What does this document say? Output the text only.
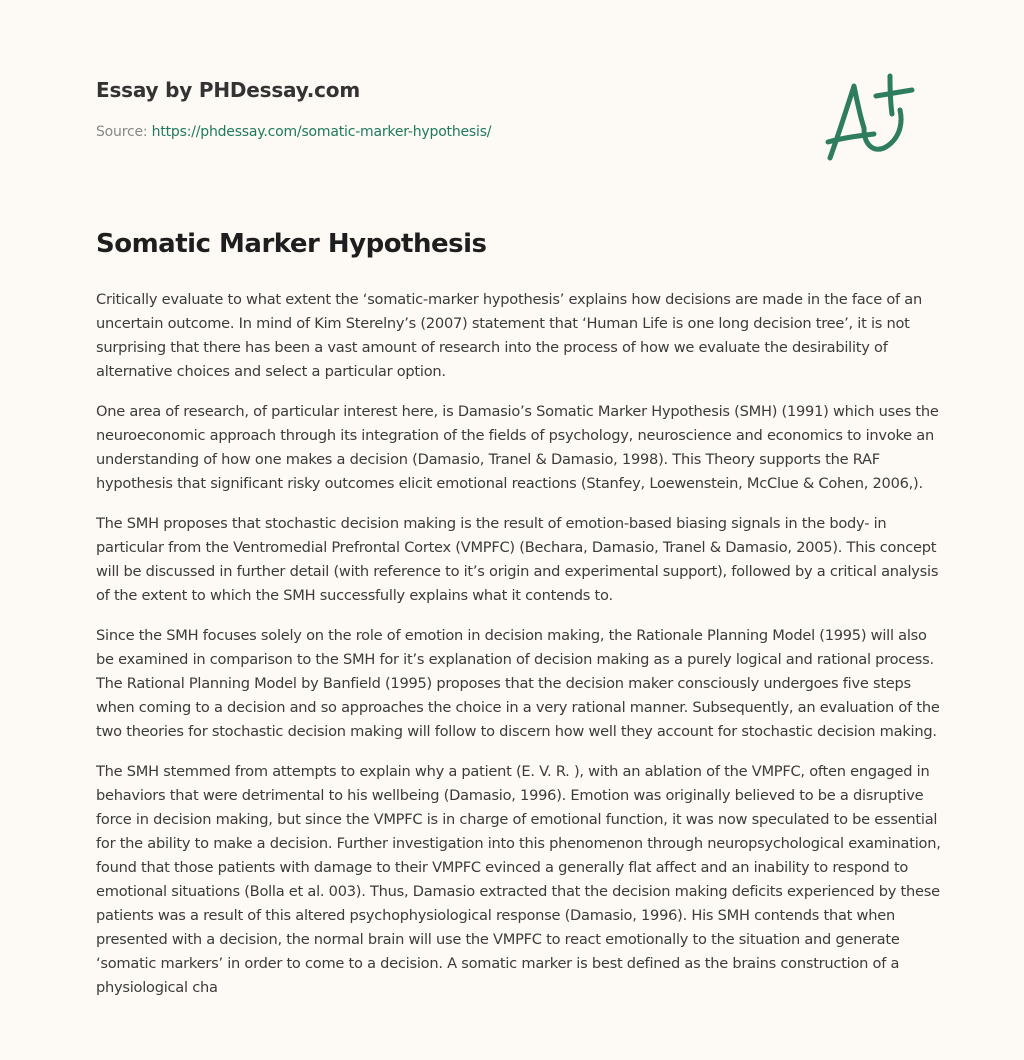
Essay by PHDessay.com
Source: https://phdessay.com/somatic-marker-hypothesis/
Somatic Marker Hypothesis

Critically evaluate to what extent the ‘somatic-marker hypothesis’ explains how decisions are made in the face of an uncertain outcome. In mind of Kim Sterelny’s (2007) statement that ‘Human Life is one long decision tree’, it is not surprising that there has been a vast amount of research into the process of how we evaluate the desirability of alternative choices and select a particular option.

One area of research, of particular interest here, is Damasio’s Somatic Marker Hypothesis (SMH) (1991) which uses the neuroeconomic approach through its integration of the fields of psychology, neuroscience and economics to invoke an understanding of how one makes a decision (Damasio, Tranel & Damasio, 1998). This Theory supports the RAF hypothesis that significant risky outcomes elicit emotional reactions (Stanfey, Loewenstein, McClue & Cohen, 2006,).

The SMH proposes that stochastic decision making is the result of emotion-based biasing signals in the body- in particular from the Ventromedial Prefrontal Cortex (VMPFC) (Bechara, Damasio, Tranel & Damasio, 2005). This concept will be discussed in further detail (with reference to it’s origin and experimental support), followed by a critical analysis of the extent to which the SMH successfully explains what it contends to.

Since the SMH focuses solely on the role of emotion in decision making, the Rationale Planning Model (1995) will also be examined in comparison to the SMH for it’s explanation of decision making as a purely logical and rational process. The Rational Planning Model by Banfield (1995) proposes that the decision maker consciously undergoes five steps when coming to a decision and so approaches the choice in a very rational manner. Subsequently, an evaluation of the two theories for stochastic decision making will follow to discern how well they account for stochastic decision making.

The SMH stemmed from attempts to explain why a patient (E. V. R. ), with an ablation of the VMPFC, often engaged in behaviors that were detrimental to his wellbeing (Damasio, 1996). Emotion was originally believed to be a disruptive force in decision making, but since the VMPFC is in charge of emotional function, it was now speculated to be essential for the ability to make a decision. Further investigation into this phenomenon through neuropsychological examination, found that those patients with damage to their VMPFC evinced a generally flat affect and an inability to respond to emotional situations (Bolla et al. 003). Thus, Damasio extracted that the decision making deficits experienced by these patients was a result of this altered psychophysiological response (Damasio, 1996). His SMH contends that when presented with a decision, the normal brain will use the VMPFC to react emotionally to the situation and generate ‘somatic markers’ in order to come to a decision. A somatic marker is best defined as the brains construction of a physiological cha
